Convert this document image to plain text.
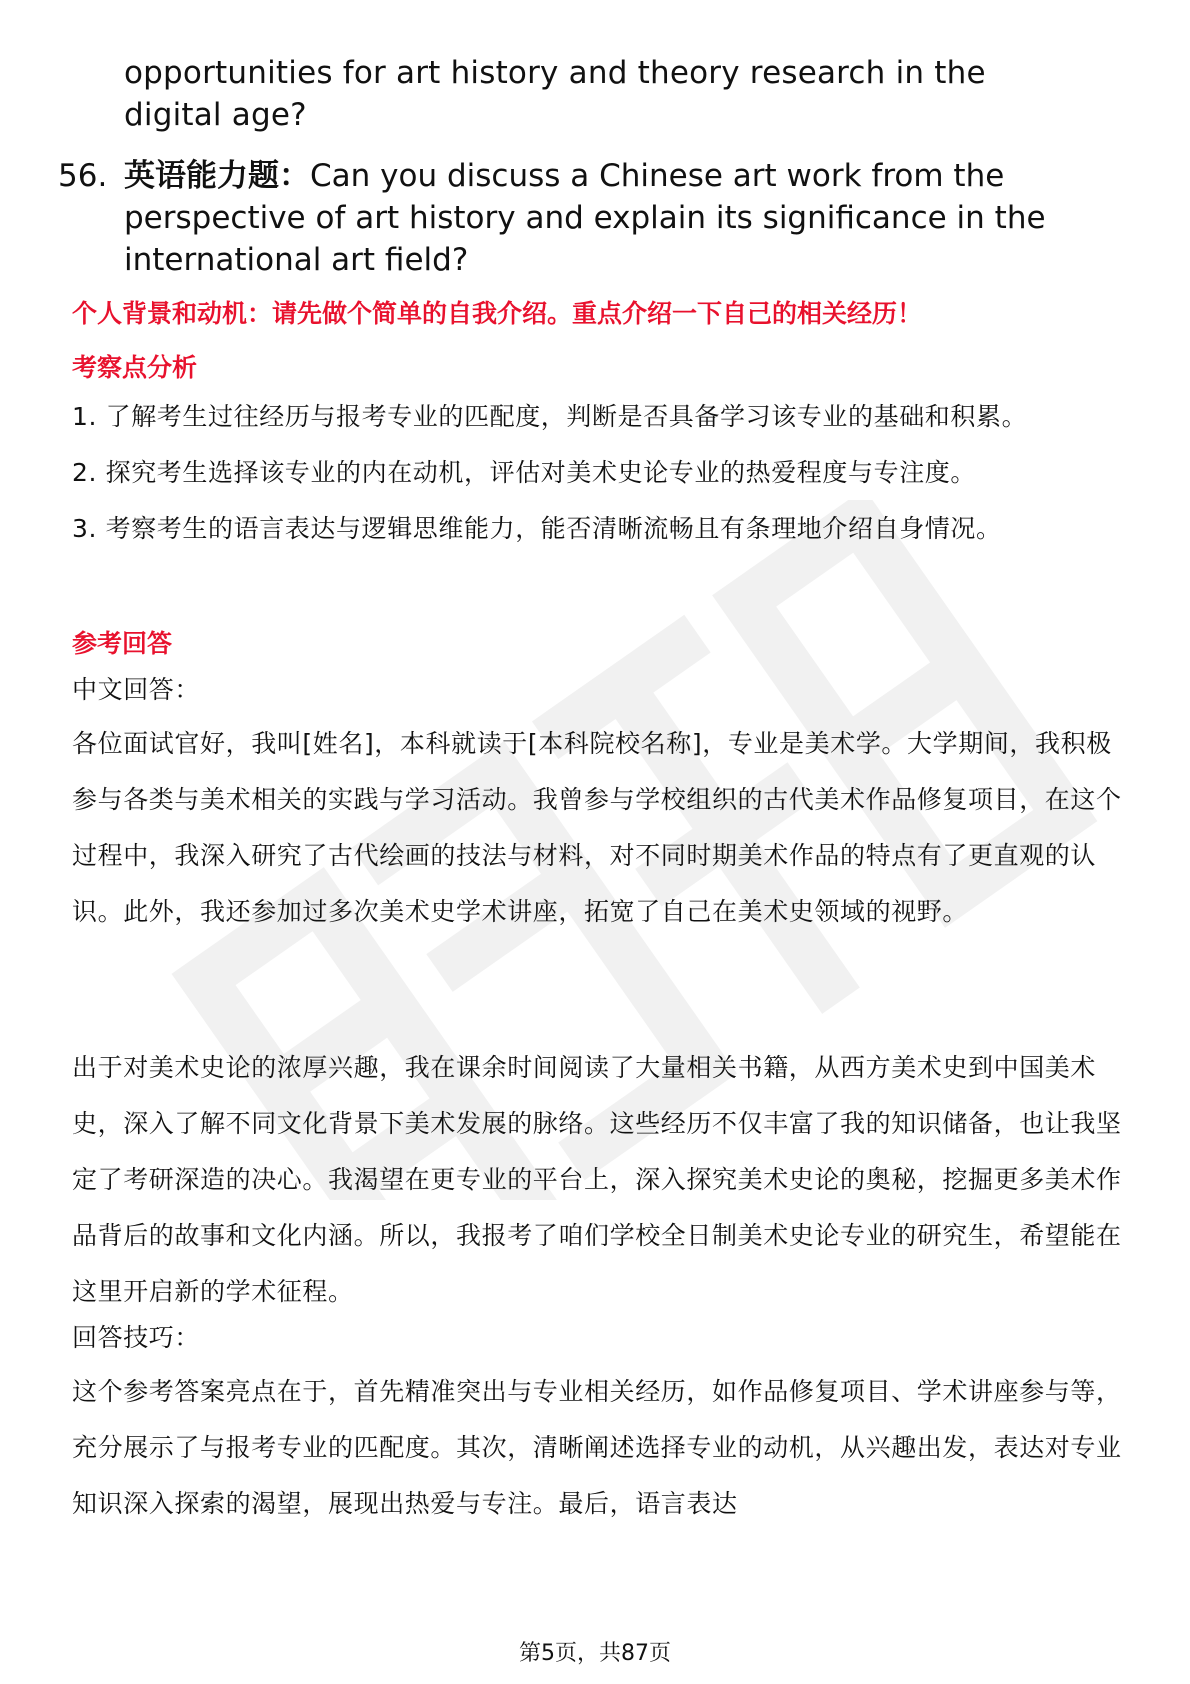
opportunities for art history and theory research in the digital age?
56. 英语能力题：Can you discuss a Chinese art work from the perspective of art history and explain its significance in the international art field?
个人背景和动机：请先做个简单的自我介绍。重点介绍一下自己的相关经历！
考察点分析

1. 了解考生过往经历与报考专业的匹配度，判断是否具备学习该专业的基础和积累。

2. 探究考生选择该专业的内在动机，评估对美术史论专业的热爱程度与专注度。

3. 考察考生的语言表达与逻辑思维能力，能否清晰流畅且有条理地介绍自身情况。

参考回答
中文回答：
各位面试官好，我叫[姓名]，本科就读于[本科院校名称]，专业是美术学。大学期间，我积极参与各类与美术相关的实践与学习活动。我曾参与学校组织的古代美术作品修复项目，在这个过程中，我深入研究了古代绘画的技法与材料，对不同时期美术作品的特点有了更直观的认识。此外，我还参加过多次美术史学术讲座，拓宽了自己在美术史领域的视野。
出于对美术史论的浓厚兴趣，我在课余时间阅读了大量相关书籍，从西方美术史到中国美术史，深入了解不同文化背景下美术发展的脉络。这些经历不仅丰富了我的知识储备，也让我坚定了考研深造的决心。我渴望在更专业的平台上，深入探究美术史论的奥秘，挖掘更多美术作品背后的故事和文化内涵。所以，我报考了咱们学校全日制美术史论专业的研究生，希望能在这里开启新的学术征程。
回答技巧：
这个参考答案亮点在于，首先精准突出与专业相关经历，如作品修复项目、学术讲座参与等，充分展示了与报考专业的匹配度。其次，清晰阐述选择专业的动机，从兴趣出发，表达对专业知识深入探索的渴望，展现出热爱与专注。最后，语言表达
第5页，共87页
